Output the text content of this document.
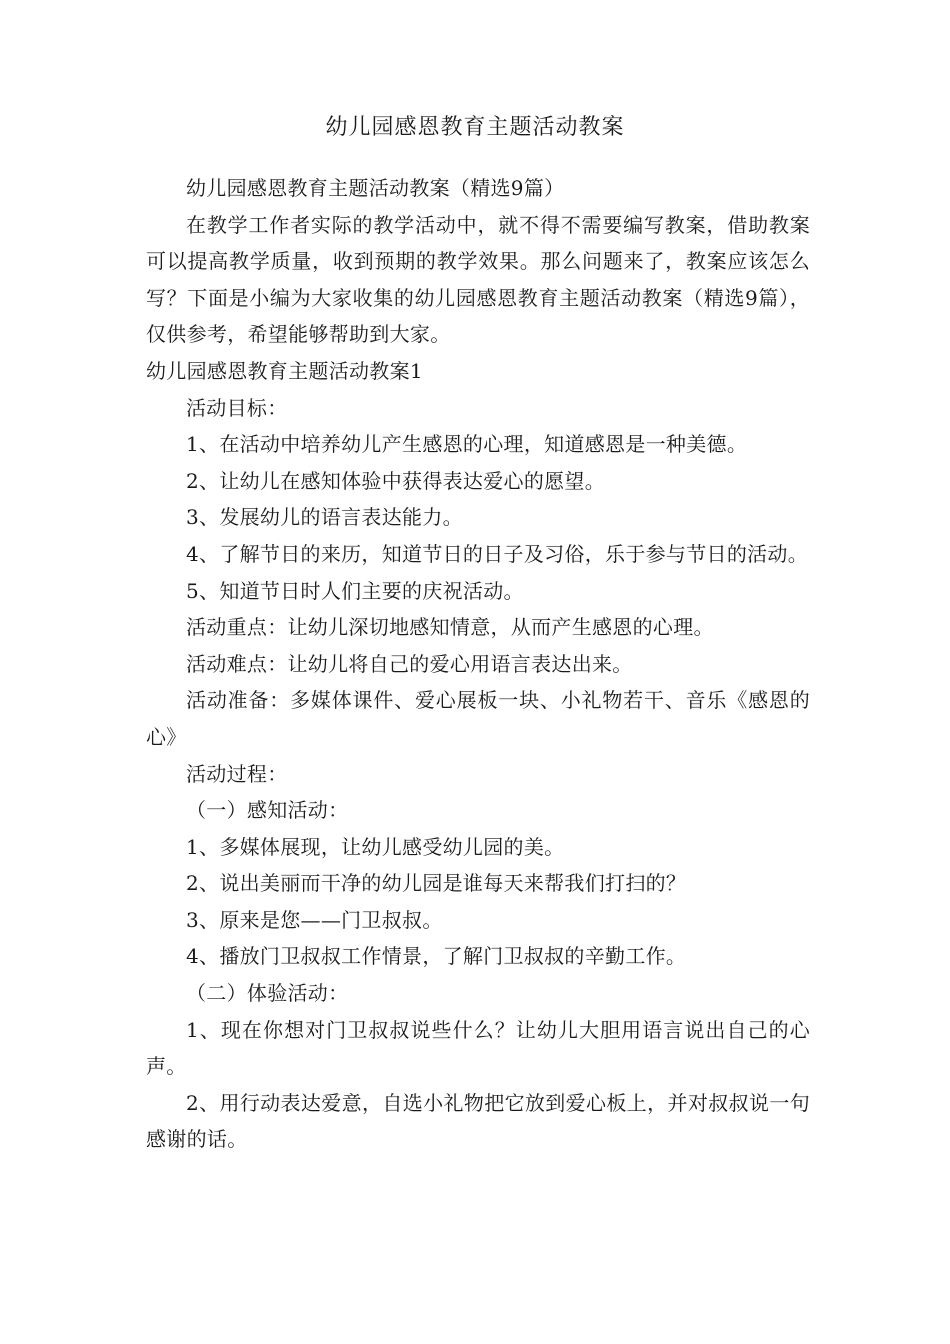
幼儿园感恩教育主题活动教案

幼儿园感恩教育主题活动教案（精选9篇）

在教学工作者实际的教学活动中，就不得不需要编写教案，借助教案可以提高教学质量，收到预期的教学效果。那么问题来了，教案应该怎么写？下面是小编为大家收集的幼儿园感恩教育主题活动教案（精选9篇），仅供参考，希望能够帮助到大家。

幼儿园感恩教育主题活动教案1

活动目标：

1、在活动中培养幼儿产生感恩的心理，知道感恩是一种美德。

2、让幼儿在感知体验中获得表达爱心的愿望。

3、发展幼儿的语言表达能力。

4、了解节日的来历，知道节日的日子及习俗，乐于参与节日的活动。

5、知道节日时人们主要的庆祝活动。

活动重点：让幼儿深切地感知情意，从而产生感恩的心理。

活动难点：让幼儿将自己的爱心用语言表达出来。

活动准备：多媒体课件、爱心展板一块、小礼物若干、音乐《感恩的心》

活动过程：

（一）感知活动：

1、多媒体展现，让幼儿感受幼儿园的美。

2、说出美丽而干净的幼儿园是谁每天来帮我们打扫的？

3、原来是您——门卫叔叔。

4、播放门卫叔叔工作情景，了解门卫叔叔的辛勤工作。

（二）体验活动：

1、现在你想对门卫叔叔说些什么？让幼儿大胆用语言说出自己的心声。

2、用行动表达爱意，自选小礼物把它放到爱心板上，并对叔叔说一句感谢的话。
